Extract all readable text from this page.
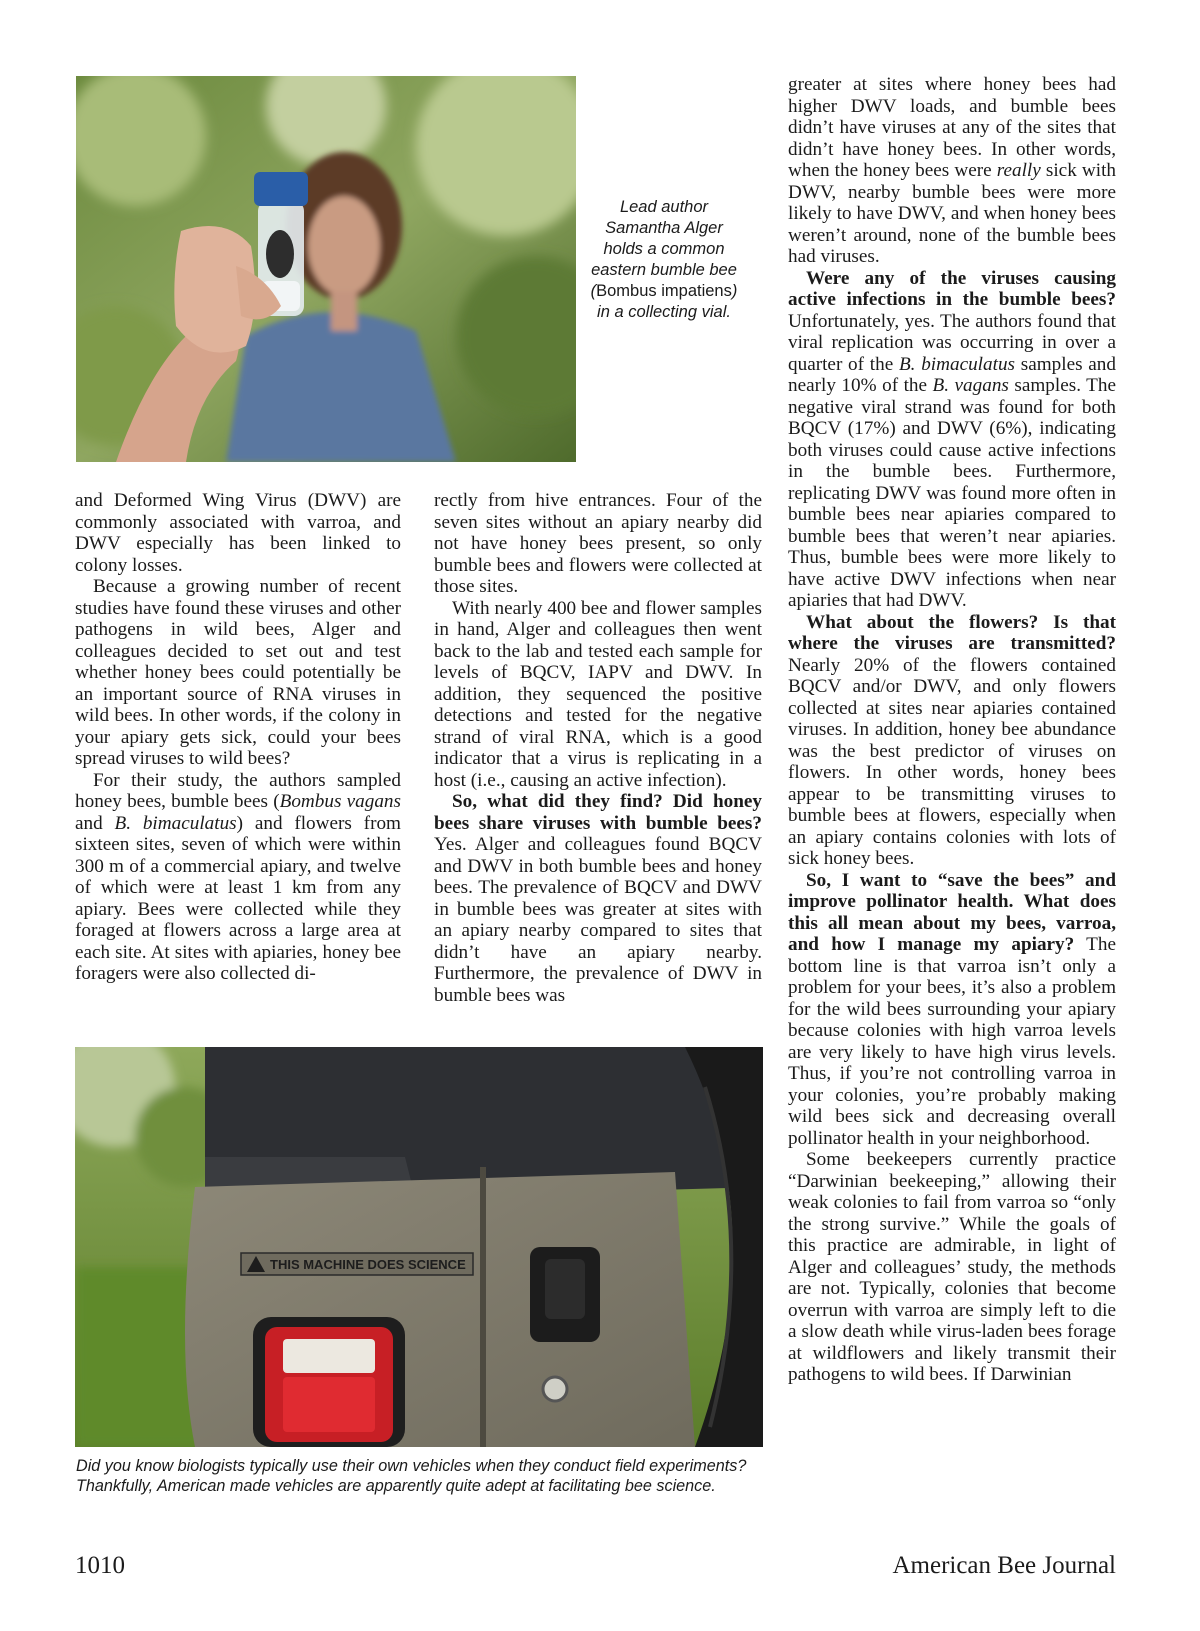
Lead author Samantha Alger holds a common eastern bumble bee (Bombus impatiens) in a collecting vial.

and Deformed Wing Virus (DWV) are commonly associated with varroa, and DWV especially has been linked to colony losses.

Because a growing number of recent studies have found these viruses and other pathogens in wild bees, Alger and colleagues decided to set out and test whether honey bees could potentially be an important source of RNA viruses in wild bees. In other words, if the colony in your apiary gets sick, could your bees spread viruses to wild bees?

For their study, the authors sampled honey bees, bumble bees (Bombus vagans and B. bimaculatus) and flowers from sixteen sites, seven of which were within 300 m of a commercial apiary, and twelve of which were at least 1 km from any apiary. Bees were collected while they foraged at flowers across a large area at each site. At sites with apiaries, honey bee foragers were also collected di-

rectly from hive entrances. Four of the seven sites without an apiary nearby did not have honey bees present, so only bumble bees and flowers were collected at those sites.

With nearly 400 bee and flower samples in hand, Alger and colleagues then went back to the lab and tested each sample for levels of BQCV, IAPV and DWV. In addition, they sequenced the positive detections and tested for the negative strand of viral RNA, which is a good indicator that a virus is replicating in a host (i.e., causing an active infection).

So, what did they find? Did honey bees share viruses with bumble bees? Yes. Alger and colleagues found BQCV and DWV in both bumble bees and honey bees. The prevalence of BQCV and DWV in bumble bees was greater at sites with an apiary nearby compared to sites that didn’t have an apiary nearby. Furthermore, the prevalence of DWV in bumble bees was

THIS MACHINE DOES SCIENCE
Did you know biologists typically use their own vehicles when they conduct field experiments? Thankfully, American made vehicles are apparently quite adept at facilitating bee science.

greater at sites where honey bees had higher DWV loads, and bumble bees didn’t have viruses at any of the sites that didn’t have honey bees. In other words, when the honey bees were really sick with DWV, nearby bumble bees were more likely to have DWV, and when honey bees weren’t around, none of the bumble bees had viruses.

Were any of the viruses causing active infections in the bumble bees? Unfortunately, yes. The authors found that viral replication was occurring in over a quarter of the B. bimaculatus samples and nearly 10% of the B. vagans samples. The negative viral strand was found for both BQCV (17%) and DWV (6%), indicating both viruses could cause active infections in the bumble bees. Furthermore, replicating DWV was found more often in bumble bees near apiaries compared to bumble bees that weren’t near apiaries. Thus, bumble bees were more likely to have active DWV infections when near apiaries that had DWV.

What about the flowers? Is that where the viruses are transmitted? Nearly 20% of the flowers contained BQCV and/or DWV, and only flowers collected at sites near apiaries contained viruses. In addition, honey bee abundance was the best predictor of viruses on flowers. In other words, honey bees appear to be transmitting viruses to bumble bees at flowers, especially when an apiary contains colonies with lots of sick honey bees.

So, I want to “save the bees” and improve pollinator health. What does this all mean about my bees, varroa, and how I manage my apiary? The bottom line is that varroa isn’t only a problem for your bees, it’s also a problem for the wild bees surrounding your apiary because colonies with high varroa levels are very likely to have high virus levels. Thus, if you’re not controlling varroa in your colonies, you’re probably making wild bees sick and decreasing overall pollinator health in your neighborhood.

Some beekeepers currently practice “Darwinian beekeeping,” allowing their weak colonies to fail from varroa so “only the strong survive.” While the goals of this practice are admirable, in light of Alger and colleagues’ study, the methods are not. Typically, colonies that become overrun with varroa are simply left to die a slow death while virus-laden bees forage at wildflowers and likely transmit their pathogens to wild bees. If Darwinian

1010	American Bee Journal
